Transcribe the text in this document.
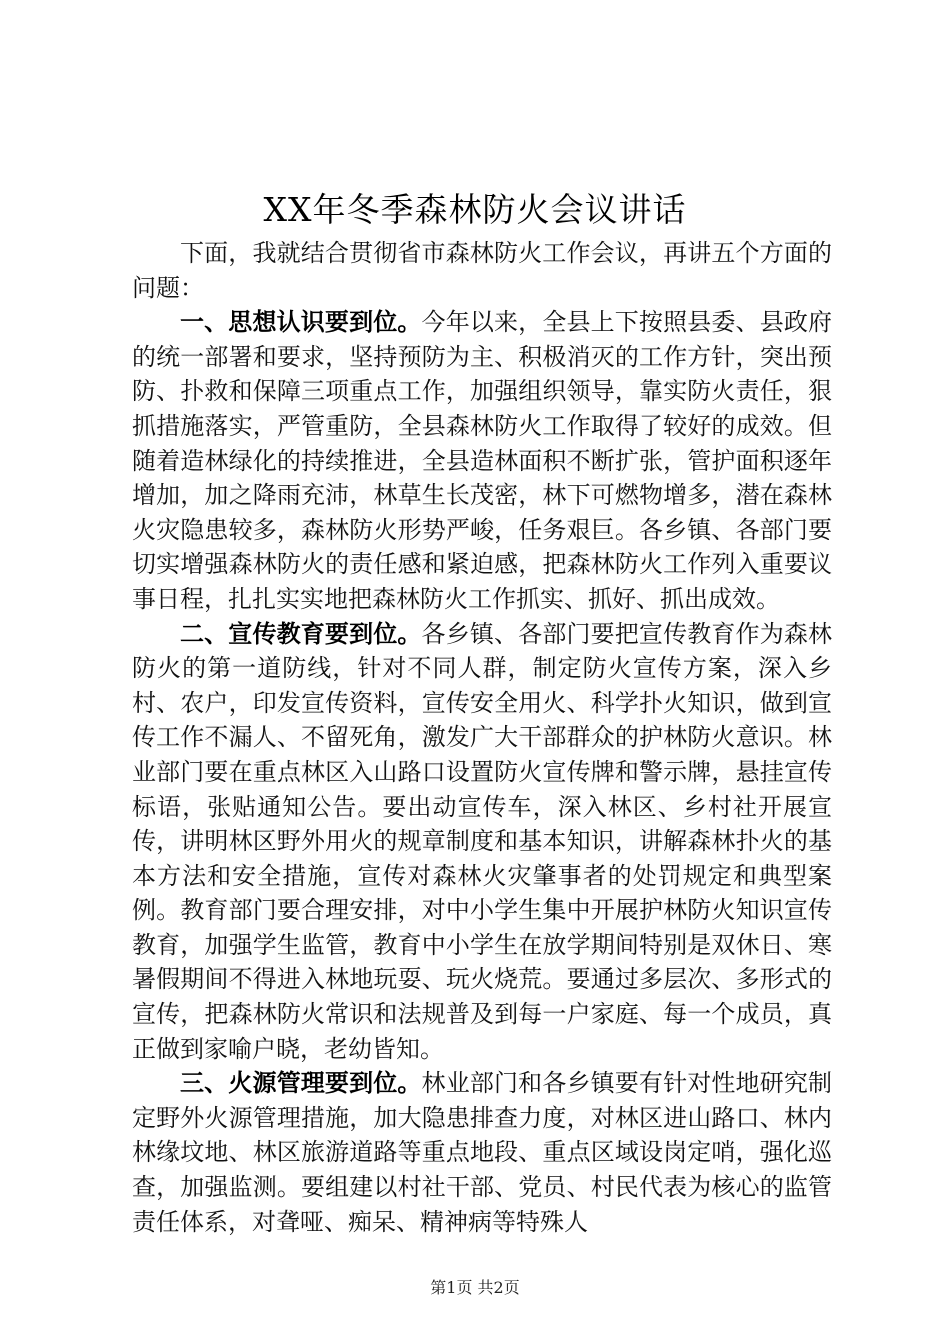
XX年冬季森林防火会议讲话

下面，我就结合贯彻省市森林防火工作会议，再讲五个方面的问题：

一、思想认识要到位。今年以来，全县上下按照县委、县政府的统一部署和要求，坚持预防为主、积极消灭的工作方针，突出预防、扑救和保障三项重点工作，加强组织领导，靠实防火责任，狠抓措施落实，严管重防，全县森林防火工作取得了较好的成效。但随着造林绿化的持续推进，全县造林面积不断扩张，管护面积逐年增加，加之降雨充沛，林草生长茂密，林下可燃物增多，潜在森林火灾隐患较多，森林防火形势严峻，任务艰巨。各乡镇、各部门要切实增强森林防火的责任感和紧迫感，把森林防火工作列入重要议事日程，扎扎实实地把森林防火工作抓实、抓好、抓出成效。

二、宣传教育要到位。各乡镇、各部门要把宣传教育作为森林防火的第一道防线，针对不同人群，制定防火宣传方案，深入乡村、农户，印发宣传资料，宣传安全用火、科学扑火知识，做到宣传工作不漏人、不留死角，激发广大干部群众的护林防火意识。林业部门要在重点林区入山路口设置防火宣传牌和警示牌，悬挂宣传标语，张贴通知公告。要出动宣传车，深入林区、乡村社开展宣传，讲明林区野外用火的规章制度和基本知识，讲解森林扑火的基本方法和安全措施，宣传对森林火灾肇事者的处罚规定和典型案例。教育部门要合理安排，对中小学生集中开展护林防火知识宣传教育，加强学生监管，教育中小学生在放学期间特别是双休日、寒暑假期间不得进入林地玩耍、玩火烧荒。要通过多层次、多形式的宣传，把森林防火常识和法规普及到每一户家庭、每一个成员，真正做到家喻户晓，老幼皆知。

三、火源管理要到位。林业部门和各乡镇要有针对性地研究制定野外火源管理措施，加大隐患排查力度，对林区进山路口、林内林缘坟地、林区旅游道路等重点地段、重点区域设岗定哨，强化巡查，加强监测。要组建以村社干部、党员、村民代表为核心的监管责任体系，对聋哑、痴呆、精神病等特殊人

第1页 共2页
